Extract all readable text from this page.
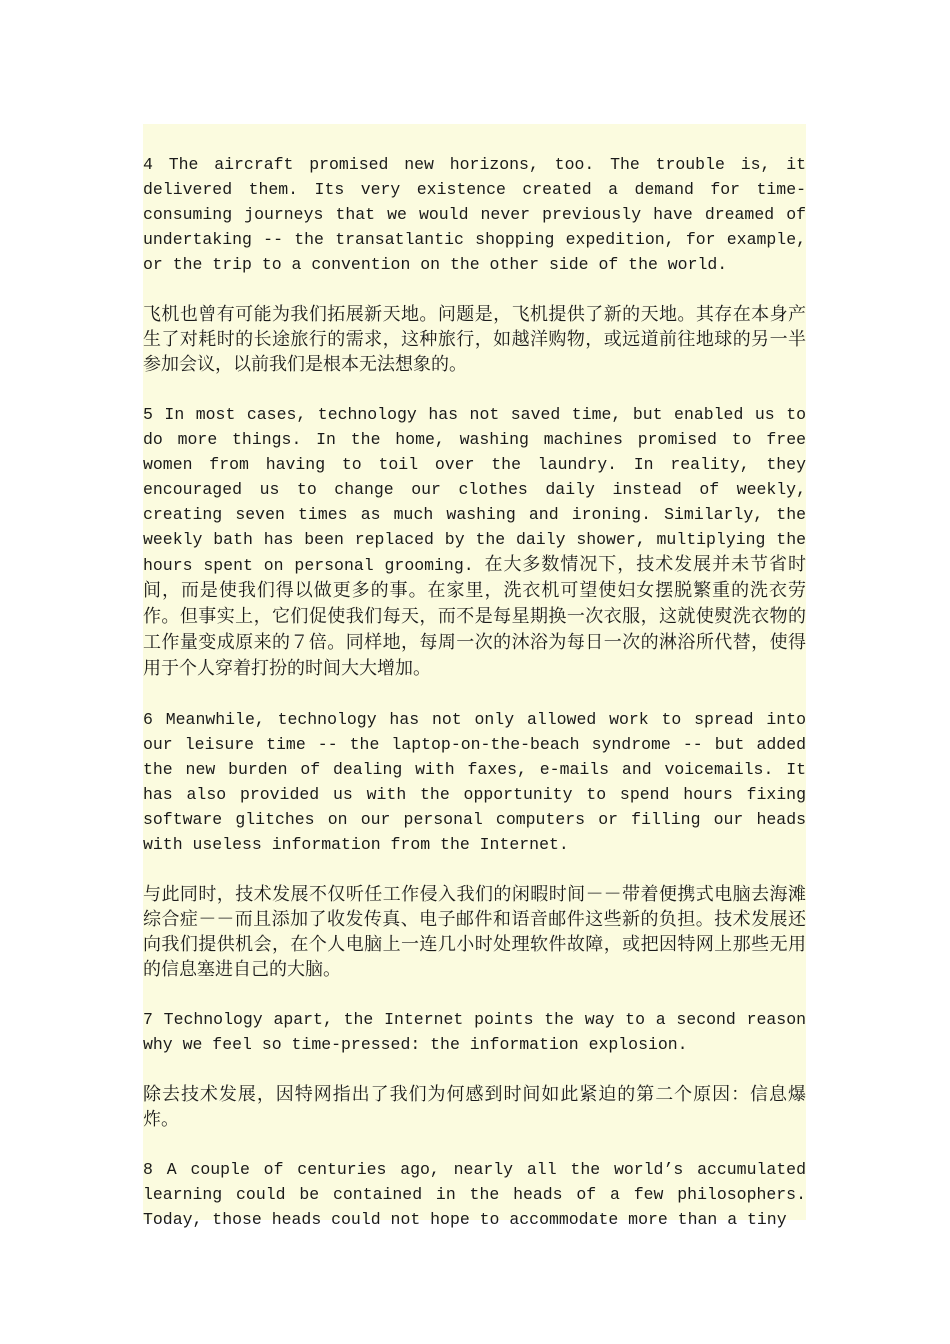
4 The aircraft promised new horizons, too. The trouble is, it delivered them. Its very existence created a demand for time-consuming journeys that we would never previously have dreamed of undertaking -- the transatlantic shopping expedition, for example, or the trip to a convention on the other side of the world.

飞机也曾有可能为我们拓展新天地。问题是，飞机提供了新的天地。其存在本身产生了对耗时的长途旅行的需求，这种旅行，如越洋购物，或远道前往地球的另一半参加会议，以前我们是根本无法想象的。

5 In most cases, technology has not saved time, but enabled us to do more things. In the home, washing machines promised to free women from having to toil over the laundry. In reality, they encouraged us to change our clothes daily instead of weekly, creating seven times as much washing and ironing. Similarly, the weekly bath has been replaced by the daily shower, multiplying the hours spent on personal grooming. 在大多数情况下，技术发展并未节省时间，而是使我们得以做更多的事。在家里，洗衣机可望使妇女摆脱繁重的洗衣劳作。但事实上，它们促使我们每天，而不是每星期换一次衣服，这就使熨洗衣物的工作量变成原来的７倍。同样地，每周一次的沐浴为每日一次的淋浴所代替，使得用于个人穿着打扮的时间大大增加。

6 Meanwhile, technology has not only allowed work to spread into our leisure time -- the laptop-on-the-beach syndrome -- but added the new burden of dealing with faxes, e-mails and voicemails. It has also provided us with the opportunity to spend hours fixing software glitches on our personal computers or filling our heads with useless information from the Internet.

与此同时，技术发展不仅听任工作侵入我们的闲暇时间－－带着便携式电脑去海滩综合症－－而且添加了收发传真、电子邮件和语音邮件这些新的负担。技术发展还向我们提供机会，在个人电脑上一连几小时处理软件故障，或把因特网上那些无用的信息塞进自己的大脑。

7 Technology apart, the Internet points the way to a second reason why we feel so time-pressed: the information explosion.

除去技术发展，因特网指出了我们为何感到时间如此紧迫的第二个原因：信息爆炸。

8 A couple of centuries ago, nearly all the world’s accumulated learning could be contained in the heads of a few philosophers. Today, those heads could not hope to accommodate more than a tiny
